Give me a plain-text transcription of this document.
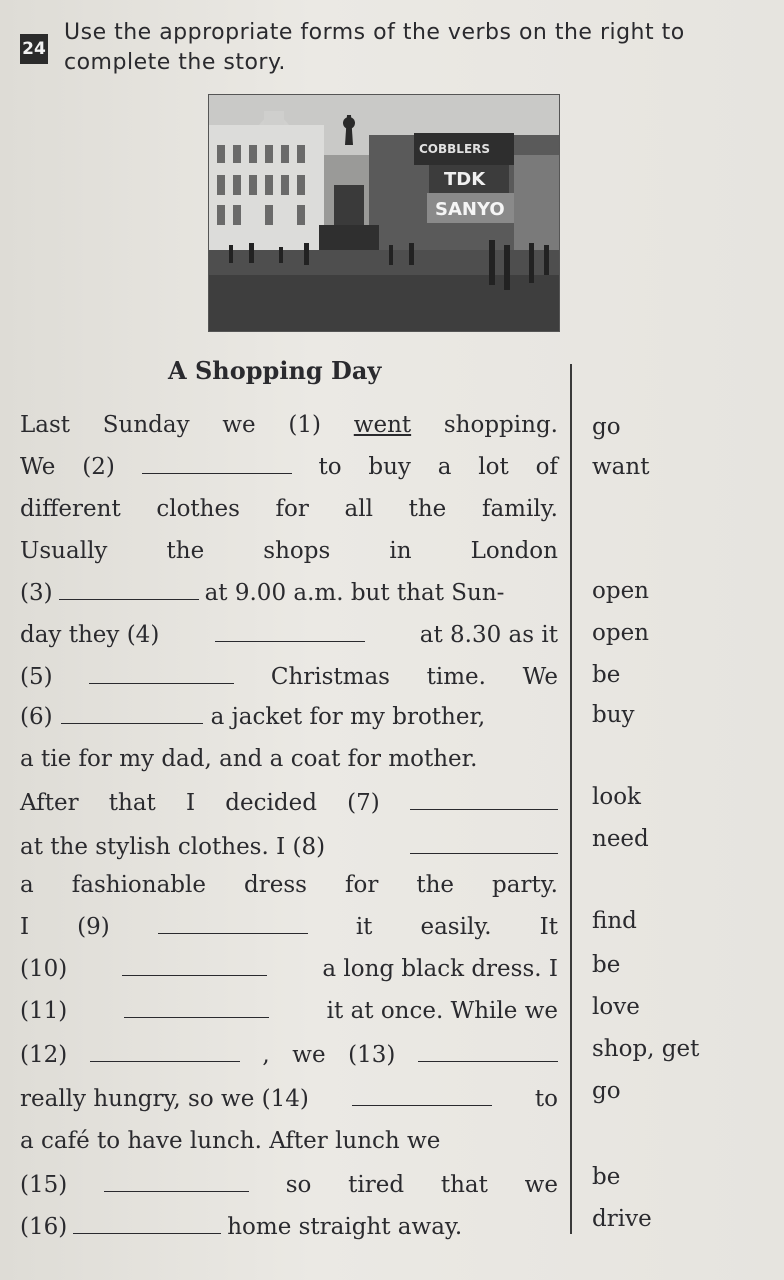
24
Use the appropriate forms of the verbs on the right to complete the story.
COBBLERS
TDK
SANYO
A Shopping Day
Last Sunday we (1) went shopping.
We (2)	to buy a lot of
different clothes for all the family.
Usually	the	shops	in	London
(3)	at 9.00 a.m. but that Sun-
day they (4)	at 8.30 as it
(5)	Christmas time. We
(6)	a jacket for my brother,
a tie for my dad, and a coat for mother.
After that I decided (7)
at the stylish clothes. I (8)
a fashionable dress for the party.
I (9)	it easily. It
(10)	a long black dress. I
(11)	it at once. While we
(12)	, we (13)
really hungry, so we (14)	to
a café to have lunch. After lunch we
(15)	so tired that we
(16)	home straight away.
go
want
open
open
be
buy
look
need
find
be
love
shop, get
go
be
drive
